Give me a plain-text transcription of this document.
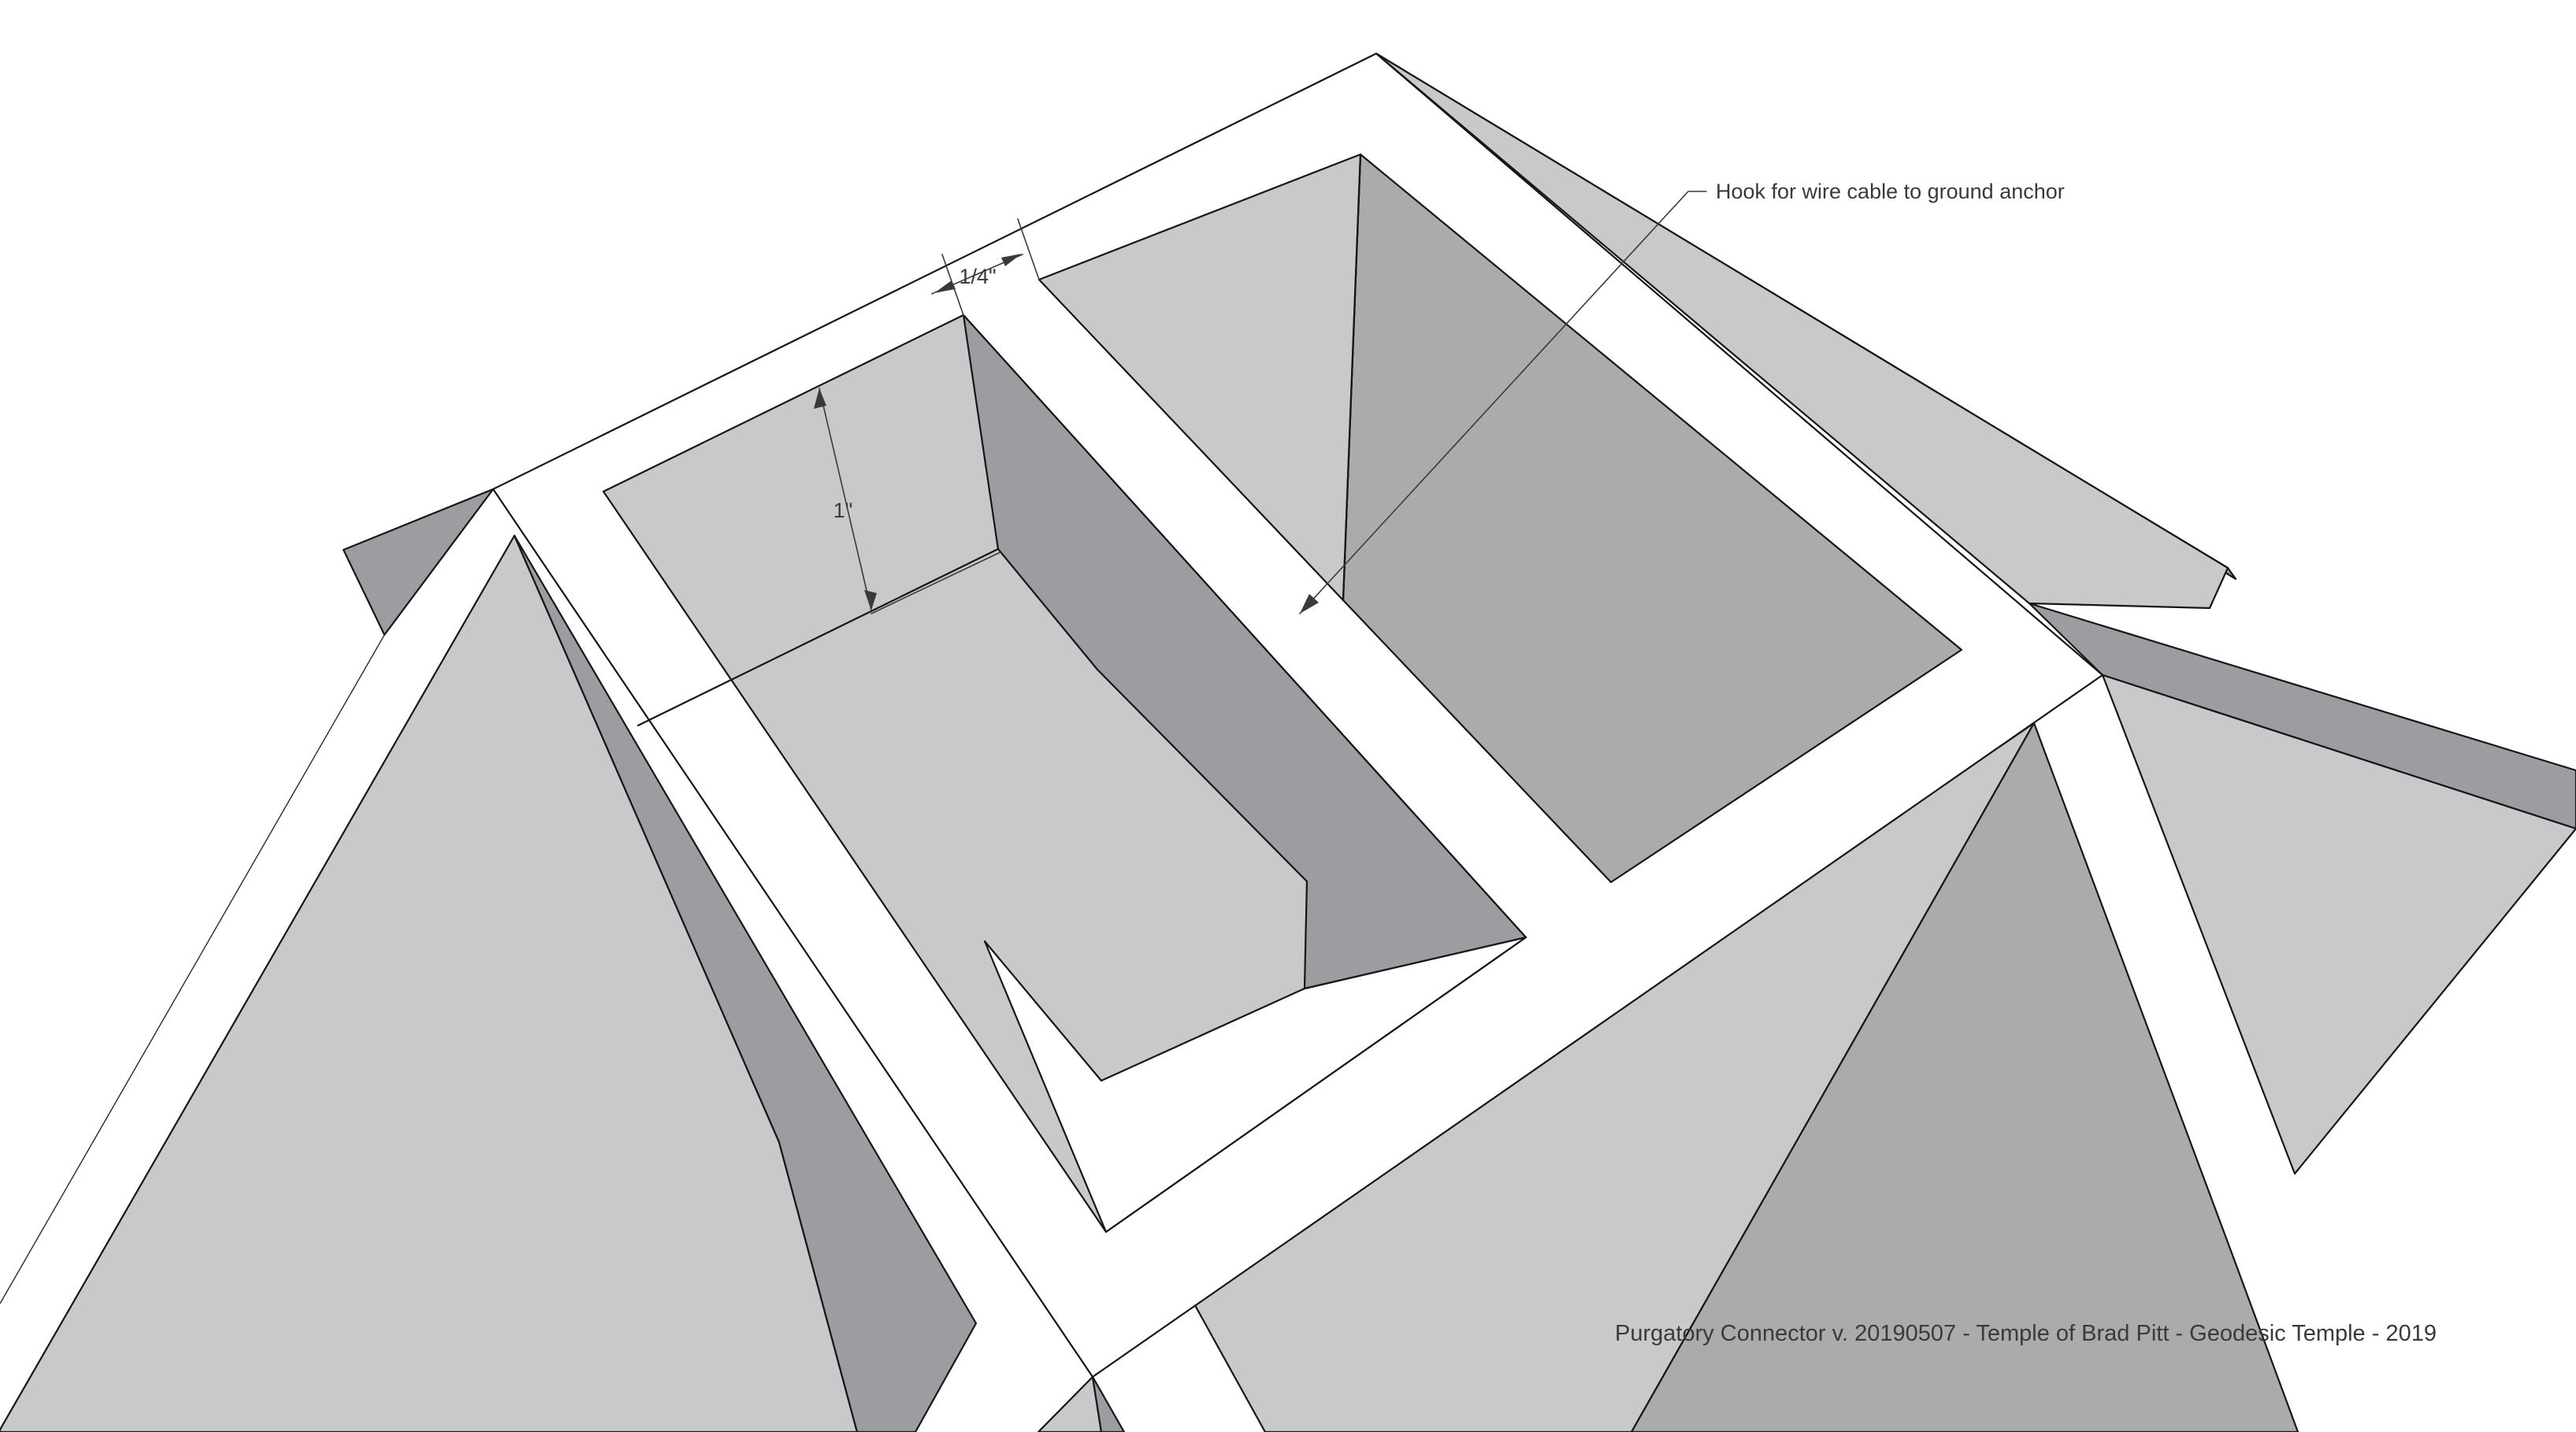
1/4"
1"
Hook for wire cable to ground anchor
Purgatory Connector v. 20190507 - Temple of Brad Pitt - Geodesic Temple - 2019
